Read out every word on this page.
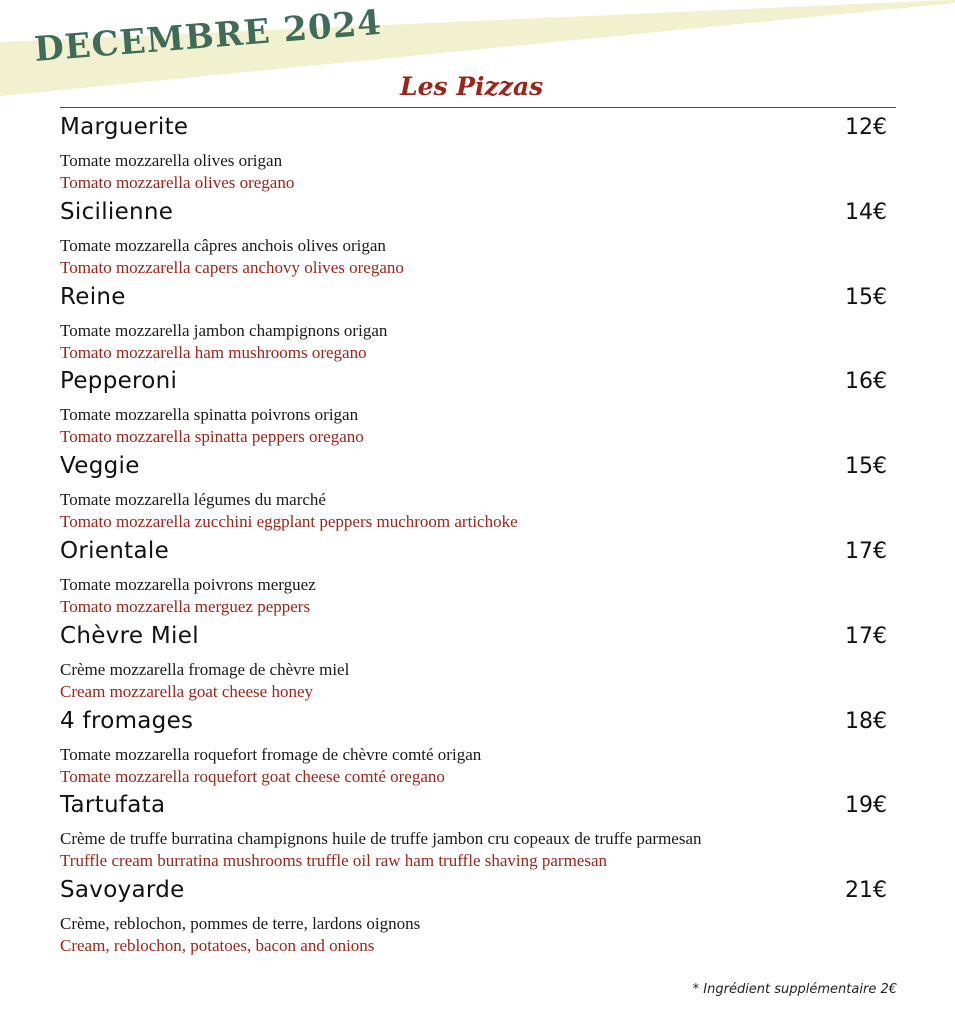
DECEMBRE 2024
Les Pizzas
Marguerite	12€
Tomate mozzarella olives origan
Tomato mozzarella olives oregano
Sicilienne	14€
Tomate mozzarella câpres anchois olives origan
Tomato mozzarella capers anchovy olives oregano
Reine	15€
Tomate mozzarella jambon champignons origan
Tomato mozzarella ham mushrooms oregano
Pepperoni	16€
Tomate mozzarella spinatta poivrons origan
Tomato mozzarella spinatta peppers oregano
Veggie	15€
Tomate mozzarella légumes du marché
Tomato mozzarella zucchini eggplant peppers muchroom artichoke
Orientale	17€
Tomate mozzarella poivrons merguez
Tomato mozzarella merguez peppers
Chèvre Miel	17€
Crème mozzarella fromage de chèvre miel
Cream mozzarella goat cheese honey
4 fromages	18€
Tomate mozzarella roquefort fromage de chèvre comté origan
Tomate mozzarella roquefort goat cheese comté oregano
Tartufata	19€
Crème de truffe burratina champignons huile de truffe jambon cru copeaux de truffe parmesan
Truffle cream burratina mushrooms truffle oil raw ham truffle shaving parmesan
Savoyarde	21€
Crème, reblochon, pommes de terre, lardons oignons
Cream, reblochon, potatoes, bacon and onions
* Ingrédient supplémentaire 2€
